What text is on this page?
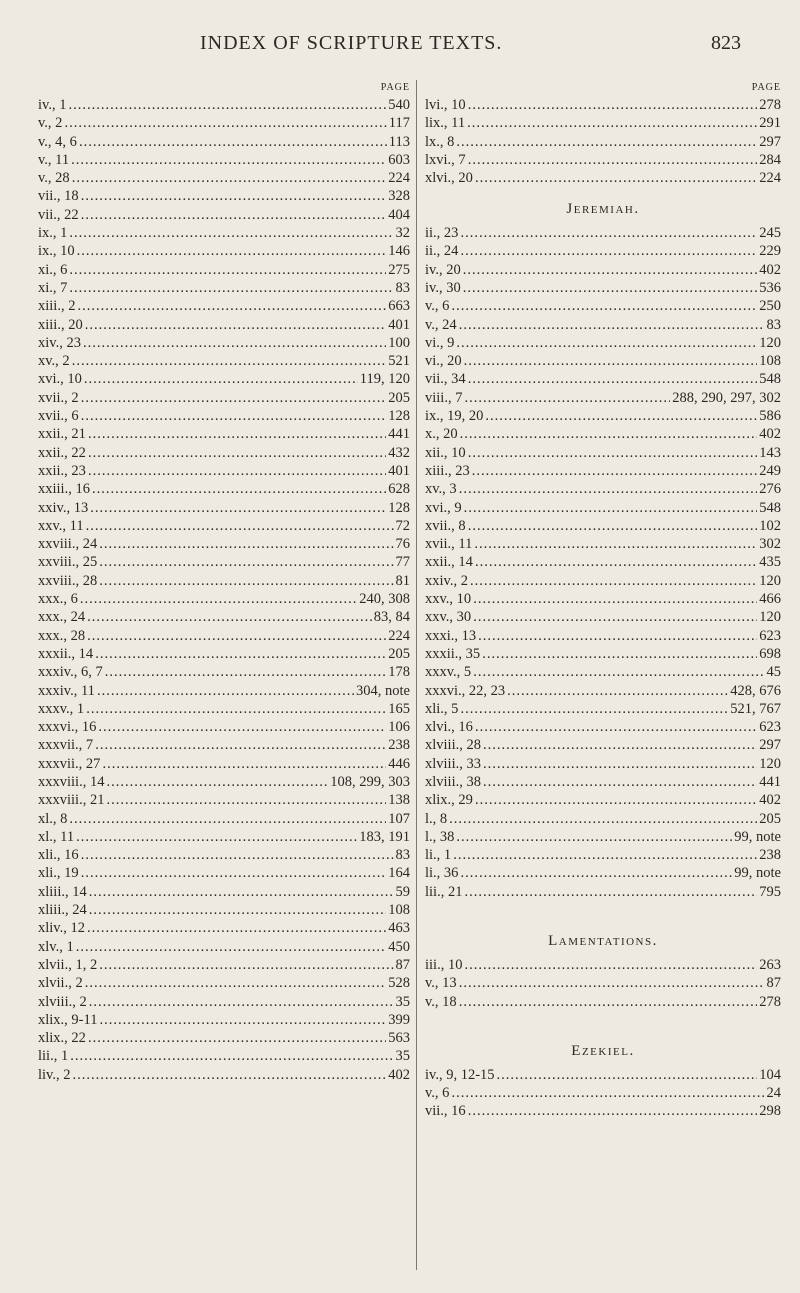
INDEX OF SCRIPTURE TEXTS.	823
PAGE
iv., 1 .....	540
v., 2 .....	117
v., 4, 6 .....	113
v., 11 .....	603
v., 28 .....	224
vii., 18 .....	328
vii., 22 .....	404
ix., 1 .....	32
ix., 10 .....	146
xi., 6 .....	275
xi., 7 .....	83
xiii., 2 .....	663
xiii., 20 .....	401
xiv., 23 .....	100
xv., 2 .....	521
xvi., 10 .....	119, 120
xvii., 2 .....	205
xvii., 6 .....	128
xxii., 21 .....	441
xxii., 22 .....	432
xxii., 23 .....	401
xxiii., 16 .....	628
xxiv., 13 .....	128
xxv., 11 .....	72
xxviii., 24 .....	76
xxviii., 25 .....	77
xxviii., 28 .....	81
xxx., 6 .....	240, 308
xxx., 24 .....	83, 84
xxx., 28 .....	224
xxxii., 14 .....	205
xxxiv., 6, 7 .....	178
xxxiv., 11 .....	304, note
xxxv., 1 .....	165
xxxvi., 16 .....	106
xxxvii., 7 .....	238
xxxvii., 27 .....	446
xxxviii., 14 .....	108, 299, 303
xxxviii., 21 .....	138
xl., 8 .....	107
xl., 11 .....	183, 191
xli., 16 .....	83
xli., 19 .....	164
xliii., 14 .....	59
xliii., 24 .....	108
xliv., 12 .....	463
xlv., 1 .....	450
xlvii., 1, 2 .....	87
xlvii., 2 .....	528
xlviii., 2 .....	35
xlix., 9-11 .....	399
xlix., 22 .....	563
lii., 1 .....	35
liv., 2 .....	402
PAGE
lvi., 10 .....	278
lix., 11 .....	291
lx., 8 .....	297
lxvi., 7 .....	284
xlvi., 20 .....	224
Jeremiah.
ii., 23 .....	245
ii., 24 .....	229
iv., 20 .....	402
iv., 30 .....	536
v., 6 .....	250
v., 24 .....	83
vi., 9 .....	120
vi., 20 .....	108
vii., 34 .....	548
viii., 7 .....	288, 290, 297, 302
ix., 19, 20 .....	586
x., 20 .....	402
xii., 10 .....	143
xiii., 23 .....	249
xv., 3 .....	276
xvi., 9 .....	548
xvii., 8 .....	102
xvii., 11 .....	302
xxii., 14 .....	435
xxiv., 2 .....	120
xxv., 10 .....	466
xxv., 30 .....	120
xxxi., 13 .....	623
xxxii., 35 .....	698
xxxv., 5 .....	45
xxxvi., 22, 23 .....	428, 676
xli., 5 .....	521, 767
xlvi., 16 .....	623
xlviii., 28 .....	297
xlviii., 33 .....	120
xlviii., 38 .....	441
xlix., 29 .....	402
l., 8 .....	205
l., 38 .....	99, note
li., 1 .....	238
li., 36 .....	99, note
lii., 21 .....	795
Lamentations.
iii., 10 .....	263
v., 13 .....	87
v., 18 .....	278
Ezekiel.
iv., 9, 12-15 .....	104
v., 6 .....	24
vii., 16 .....	298
